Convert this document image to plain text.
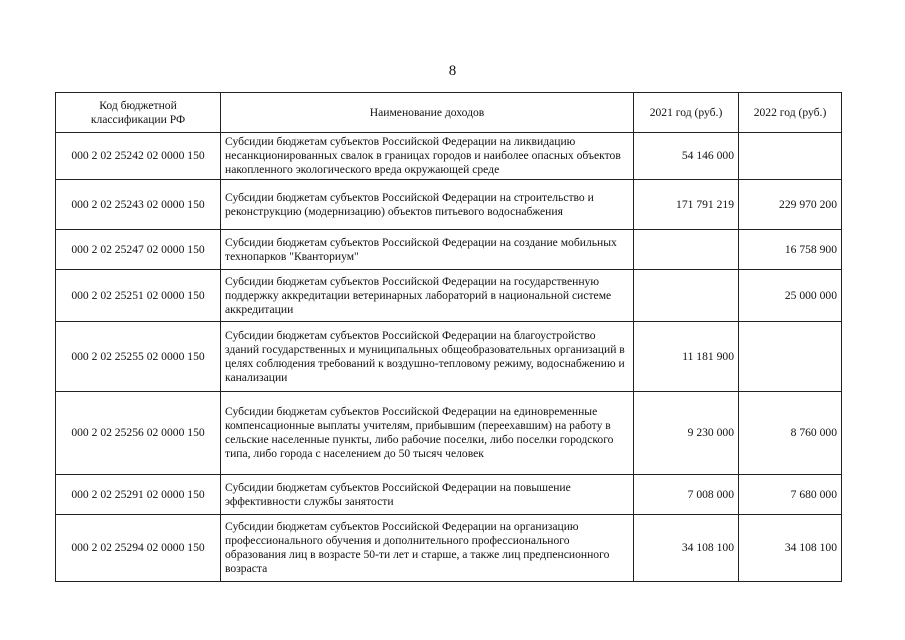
8
Код бюджетной классификации РФ	Наименование доходов	2021 год (руб.)	2022 год (руб.)
000 2 02 25242 02 0000 150	Субсидии бюджетам субъектов Российской Федерации на ликвидацию несанкционированных свалок в границах городов и наиболее опасных объектов накопленного экологического вреда окружающей среде	54 146 000	
000 2 02 25243 02 0000 150	Субсидии бюджетам субъектов Российской Федерации на строительство и реконструкцию (модернизацию) объектов питьевого водоснабжения	171 791 219	229 970 200
000 2 02 25247 02 0000 150	Субсидии бюджетам субъектов Российской Федерации на создание мобильных технопарков "Кванториум"		16 758 900
000 2 02 25251 02 0000 150	Субсидии бюджетам субъектов Российской Федерации на государственную поддержку аккредитации ветеринарных лабораторий в национальной системе аккредитации		25 000 000
000 2 02 25255 02 0000 150	Субсидии бюджетам субъектов Российской Федерации на благоустройство зданий государственных и муниципальных общеобразовательных организаций в целях соблюдения требований к воздушно-тепловому режиму, водоснабжению и канализации	11 181 900	
000 2 02 25256 02 0000 150	Субсидии бюджетам субъектов Российской Федерации на единовременные компенсационные выплаты учителям, прибывшим (переехавшим) на работу в сельские населенные пункты, либо рабочие поселки, либо поселки городского типа, либо города с населением до 50 тысяч человек	9 230 000	8 760 000
000 2 02 25291 02 0000 150	Субсидии бюджетам субъектов Российской Федерации на повышение эффективности службы занятости	7 008 000	7 680 000
000 2 02 25294 02 0000 150	Субсидии бюджетам субъектов Российской Федерации на организацию профессионального обучения и дополнительного профессионального образования лиц в возрасте 50-ти лет и старше, а также лиц предпенсионного возраста	34 108 100	34 108 100
